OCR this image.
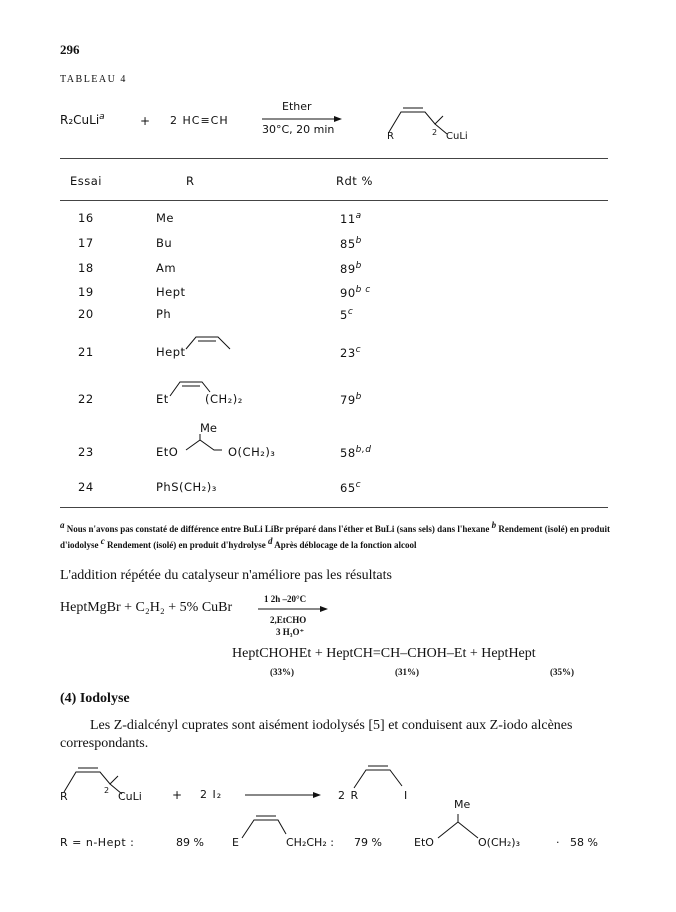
296
TABLEAU 4
R₂CuLi$^a$	+ 2 HC≡CH
Ether
30°C, 20 min
R	2 CuLi
Essai	R	Rdt %
16	Me	11$^a$
17	Bu	85$^b$
18	Am	89$^b$
19	Hept	$90^{b c}$
20	Ph	5$^c$
21	Hept	23$^c$
22	Et	(CH₂)₂	79$^b$
Me
23	EtO	O(CH₂)₃	58$^{b,d}$
24	PhS(CH₂)₃	65$^c$
$^a$ Nous n'avons pas constaté de différence entre BuLi LiBr préparé dans l'éther et BuLi (sans sels) dans l'hexane $^b$ Rendement (isolé) en produit d'iodolyse $^c$ Rendement (isolé) en produit d'hydrolyse $^d$ Après déblocage de la fonction alcool
L'addition répétée du catalyseur n'améliore pas les résultats
HeptMgBr + C₂H₂ + 5% CuBr
1 2h –20°C
2,EtCHO
3 H₃O⁺
HeptCHOHEt + HeptCH=CH–CHOH–Et + HeptHept
(33%)	(31%)	(35%)
(4) Iodolyse
Les Z-dialcényl cuprates sont aisément iodolysés [5] et conduisent aux Z-iodo alcènes correspondants.
R	2 CuLi	+ 2 I₂	2 R	I
R = n-Hept :	89 %	E	CH₂CH₂ : 79 %	EtO
Me
O(CH₂)₃	· 58 %
